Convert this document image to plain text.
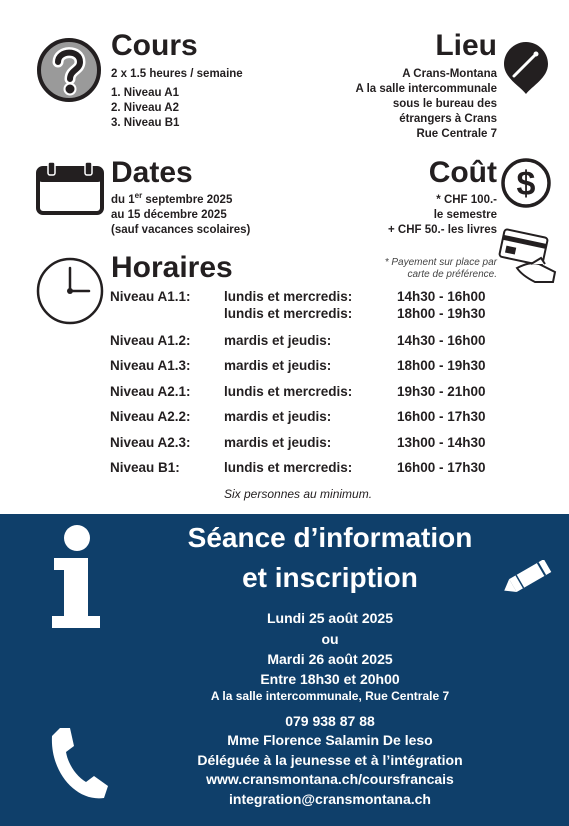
Cours
2 x 1.5 heures / semaine
1. Niveau A1
2. Niveau A2
3. Niveau B1
Lieu
A Crans-Montana
A la salle intercommunale
sous le bureau des
étrangers à Crans
Rue Centrale 7
Dates
du 1er septembre 2025
au 15 décembre 2025
(sauf vacances scolaires)
Coût $
* CHF 100.-
le semestre
+ CHF 50.- les livres
* Payement sur place par
carte de préférence.
Horaires
Niveau A1.1: lundis et mercredis:	14h30 - 16h00
lundis et mercredis:	18h00 - 19h30
Niveau A1.2: mardis et jeudis:	14h30 - 16h00
Niveau A1.3: mardis et jeudis:	18h00 - 19h30
Niveau A2.1: lundis et mercredis:	19h30 - 21h00
Niveau A2.2: mardis et jeudis:	16h00 - 17h30
Niveau A2.3: mardis et jeudis:	13h00 - 14h30
Niveau B1:	lundis et mercredis:	16h00 - 17h30
Six personnes au minimum.
Séance d’information
et inscription
Lundi 25 août 2025
ou
Mardi 26 août 2025
Entre 18h30 et 20h00
A la salle intercommunale, Rue Centrale 7
079 938 87 88
Mme Florence Salamin De leso
Déléguée à la jeunesse et à l’intégration
www.cransmontana.ch/coursfrancais
integration@cransmontana.ch
